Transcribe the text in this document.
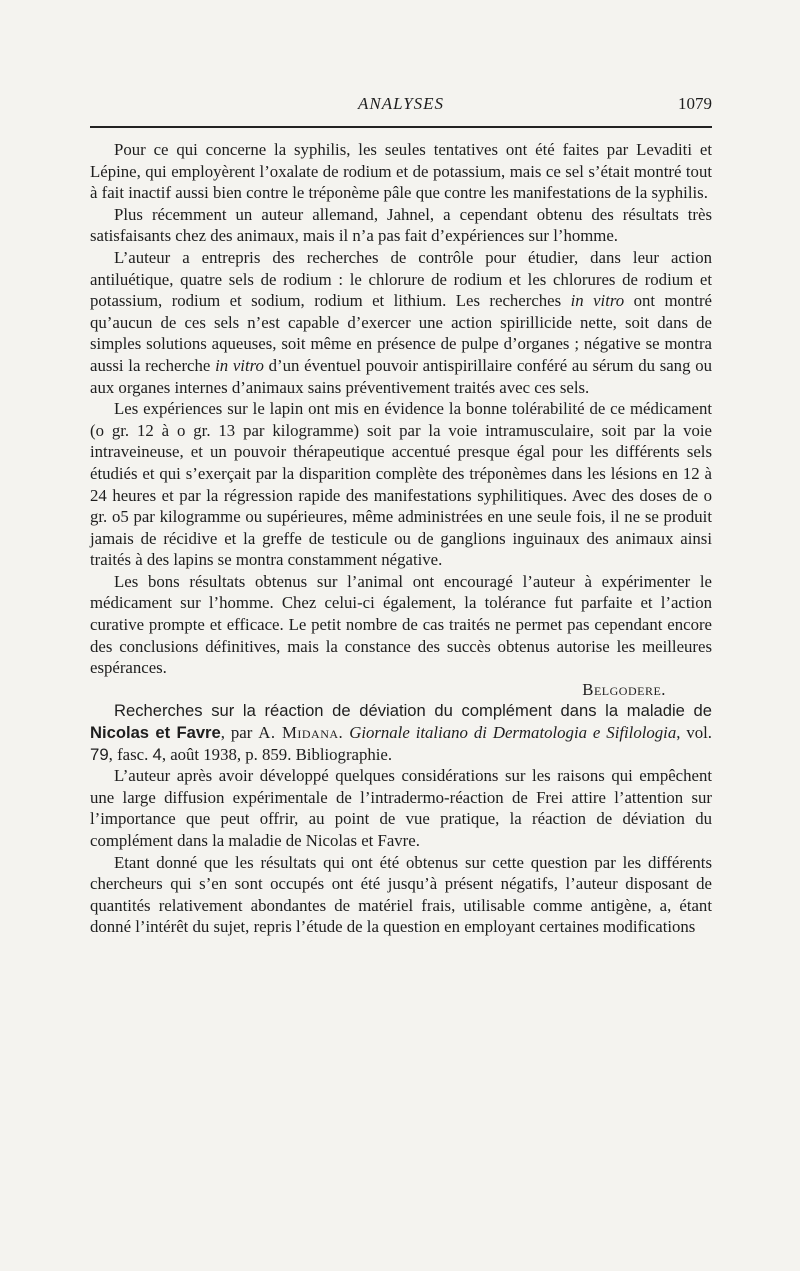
ANALYSES	1079

Pour ce qui concerne la syphilis, les seules tentatives ont été faites par Levaditi et Lépine, qui employèrent l’oxalate de rodium et de potassium, mais ce sel s’était montré tout à fait inactif aussi bien contre le tréponème pâle que contre les manifestations de la syphilis.

Plus récemment un auteur allemand, Jahnel, a cependant obtenu des résultats très satisfaisants chez des animaux, mais il n’a pas fait d’expériences sur l’homme.

L’auteur a entrepris des recherches de contrôle pour étudier, dans leur action antiluétique, quatre sels de rodium : le chlorure de rodium et les chlorures de rodium et potassium, rodium et sodium, rodium et lithium. Les recherches in vitro ont montré qu’aucun de ces sels n’est capable d’exercer une action spirillicide nette, soit dans de simples solutions aqueuses, soit même en présence de pulpe d’organes ; négative se montra aussi la recherche in vitro d’un éventuel pouvoir antispirillaire conféré au sérum du sang ou aux organes internes d’animaux sains préventivement traités avec ces sels.

Les expériences sur le lapin ont mis en évidence la bonne tolérabilité de ce médicament (o gr. 12 à o gr. 13 par kilogramme) soit par la voie intramusculaire, soit par la voie intraveineuse, et un pouvoir thérapeutique accentué presque égal pour les différents sels étudiés et qui s’exerçait par la disparition complète des tréponèmes dans les lésions en 12 à 24 heures et par la régression rapide des manifestations syphilitiques. Avec des doses de o gr. o5 par kilogramme ou supérieures, même administrées en une seule fois, il ne se produit jamais de récidive et la greffe de testicule ou de ganglions inguinaux des animaux ainsi traités à des lapins se montra constamment négative.

Les bons résultats obtenus sur l’animal ont encouragé l’auteur à expérimenter le médicament sur l’homme. Chez celui-ci également, la tolérance fut parfaite et l’action curative prompte et efficace. Le petit nombre de cas traités ne permet pas cependant encore des conclusions définitives, mais la constance des succès obtenus autorise les meilleures espérances.

Belgodere.

Recherches sur la réaction de déviation du complément dans la maladie de Nicolas et Favre, par A. Midana. Giornale italiano di Dermatologia e Sifilologia, vol. 79, fasc. 4, août 1938, p. 859. Bibliographie.

L’auteur après avoir développé quelques considérations sur les raisons qui empêchent une large diffusion expérimentale de l’intradermo-réaction de Frei attire l’attention sur l’importance que peut offrir, au point de vue pratique, la réaction de déviation du complément dans la maladie de Nicolas et Favre.

Etant donné que les résultats qui ont été obtenus sur cette question par les différents chercheurs qui s’en sont occupés ont été jusqu’à présent négatifs, l’auteur disposant de quantités relativement abondantes de matériel frais, utilisable comme antigène, a, étant donné l’intérêt du sujet, repris l’étude de la question en employant certaines modifications
